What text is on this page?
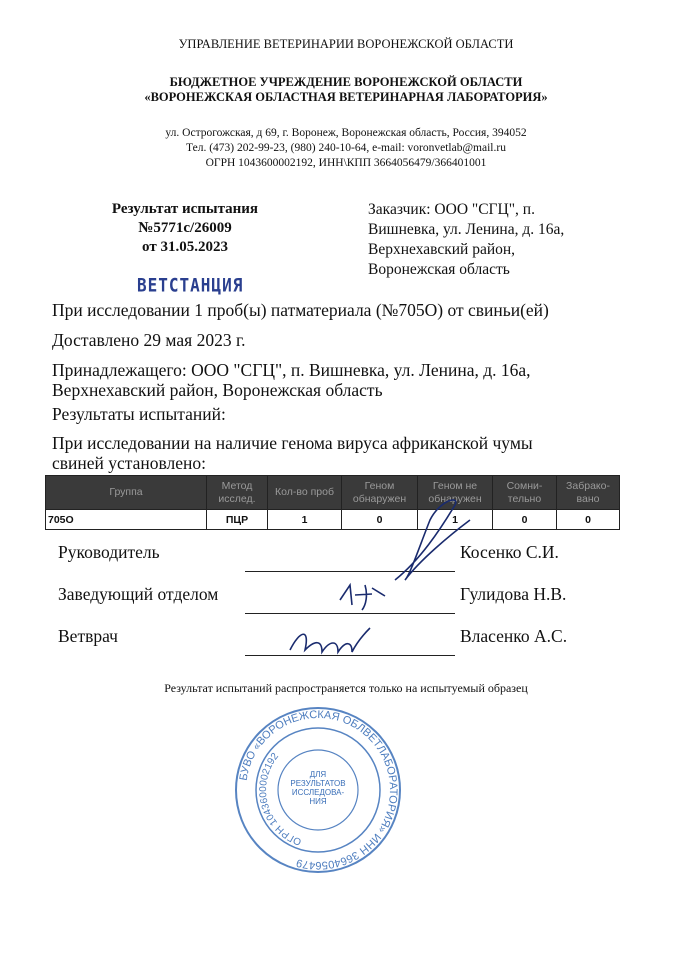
УПРАВЛЕНИЕ ВЕТЕРИНАРИИ ВОРОНЕЖСКОЙ ОБЛАСТИ
БЮДЖЕТНОЕ УЧРЕЖДЕНИЕ ВОРОНЕЖСКОЙ ОБЛАСТИ
«ВОРОНЕЖСКАЯ ОБЛАСТНАЯ ВЕТЕРИНАРНАЯ ЛАБОРАТОРИЯ»
ул. Острогожская, д 69, г. Воронеж, Воронежская область, Россия, 394052
Тел. (473) 202-99-23, (980) 240-10-64, e-mail: voronvetlab@mail.ru
ОГРН 1043600002192, ИНН\КПП 3664056479/366401001
Результат испытания
№5771с/26009
от 31.05.2023
Заказчик: ООО "СГЦ", п.
Вишневка, ул. Ленина, д. 16а,
Верхнехавский район,
Воронежская область
ВЕТСТАНЦИЯ
При исследовании 1 проб(ы) патматериала (№705О) от свиньи(ей)
Доставлено 29 мая 2023 г.
Принадлежащего: ООО "СГЦ", п. Вишневка, ул. Ленина, д. 16а,
Верхнехавский район, Воронежская область
Результаты испытаний:
При исследовании на наличие генома вируса африканской чумы
свиней установлено:
Группа	Метод исслед.	Кол-во проб	Геном обнаружен	Геном не обнаружен	Сомни-тельно	Забрако-вано
705О	ПЦР	1	0	1	0	0
Руководитель	Косенко С.И.
Заведующий отделом	Гулидова Н.В.
Ветврач	Власенко А.С.
Результат испытаний распространяется только на испытуемый образец
БУВО «ВОРОНЕЖСКАЯ ОБЛВЕТЛАБОРАТОРИЯ» ИНН 3664056479
ОГРН 1043600002192
ДЛЯ РЕЗУЛЬТАТОВ ИССЛЕДОВА- НИЯ
